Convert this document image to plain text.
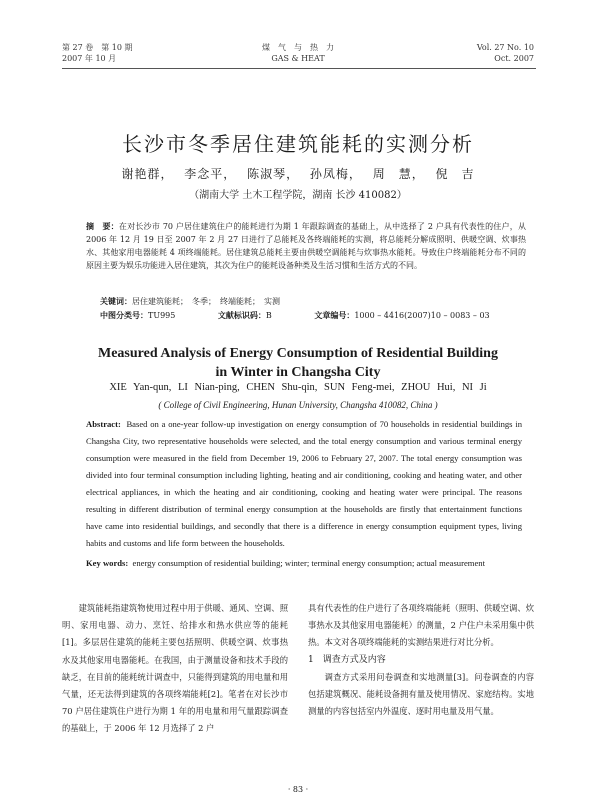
第 27 卷　第 10 期
2007 年 10 月
煤　气　与　热　力
GAS & HEAT
Vol. 27 No. 10
Oct. 2007
长沙市冬季居住建筑能耗的实测分析
谢艳群， 李念平， 陈淑琴， 孙凤梅， 周　慧， 倪　吉
（湖南大学 土木工程学院，湖南 长沙 410082）
摘　要：在对长沙市 70 户居住建筑住户的能耗进行为期 1 年跟踪调查的基础上，从中选择了 2 户具有代表性的住户，从 2006 年 12 月 19 日至 2007 年 2 月 27 日进行了总能耗及各终端能耗的实测，将总能耗分解成照明、供暖空调、炊事热水、其他家用电器能耗 4 项终端能耗。居住建筑总能耗主要由供暖空调能耗与炊事热水能耗。导致住户终端能耗分布不同的原因主要为娱乐功能进入居住建筑，其次为住户的能耗设备种类及生活习惯和生活方式的不同。
关键词：居住建筑能耗；　冬季；　终端能耗；　实测
中图分类号：TU995	文献标识码：B	文章编号：1000 – 4416(2007)10 – 0083 – 03
Measured Analysis of Energy Consumption of Residential Building
in Winter in Changsha City
XIE Yan-qun, LI Nian-ping, CHEN Shu-qin, SUN Feng-mei, ZHOU Hui, NI Ji
( College of Civil Engineering, Hunan University, Changsha 410082, China )
Abstract: Based on a one-year follow-up investigation on energy consumption of 70 households in residential buildings in Changsha City, two representative households were selected, and the total energy consumption and various terminal energy consumption were measured in the field from December 19, 2006 to February 27, 2007. The total energy consumption was divided into four terminal consumption including lighting, heating and air conditioning, cooking and heating water, and other electrical appliances, in which the heating and air conditioning, cooking and heating water were principal. The reasons resulting in different distribution of terminal energy consumption at the households are firstly that entertainment functions have came into residential buildings, and secondly that there is a difference in energy consumption equipment types, living habits and customs and life form between the households.
Key words: energy consumption of residential building; winter; terminal energy consumption; actual measurement

建筑能耗指建筑物使用过程中用于供暖、通风、空调、照明、家用电器、动力、烹饪、给排水和热水供应等的能耗[1]。多层居住建筑的能耗主要包括照明、供暖空调、炊事热水及其他家用电器能耗。在我国，由于测量设备和技术手段的缺乏，在目前的能耗统计调查中，只能得到建筑的用电量和用气量，还无法得到建筑的各项终端能耗[2]。笔者在对长沙市 70 户居住建筑住户进行为期 1 年的用电量和用气量跟踪调查的基础上，于 2006 年 12 月选择了 2 户

具有代表性的住户进行了各项终端能耗（照明、供暖空调、炊事热水及其他家用电器能耗）的测量，2 户住户未采用集中供热。本文对各项终端能耗的实测结果进行对比分析。

1　调查方式及内容

调查方式采用问卷调查和实地测量[3]。问卷调查的内容包括建筑概况、能耗设备拥有量及使用情况、家庭结构。实地测量的内容包括室内外温度、逐时用电量及用气量。

· 83 ·
